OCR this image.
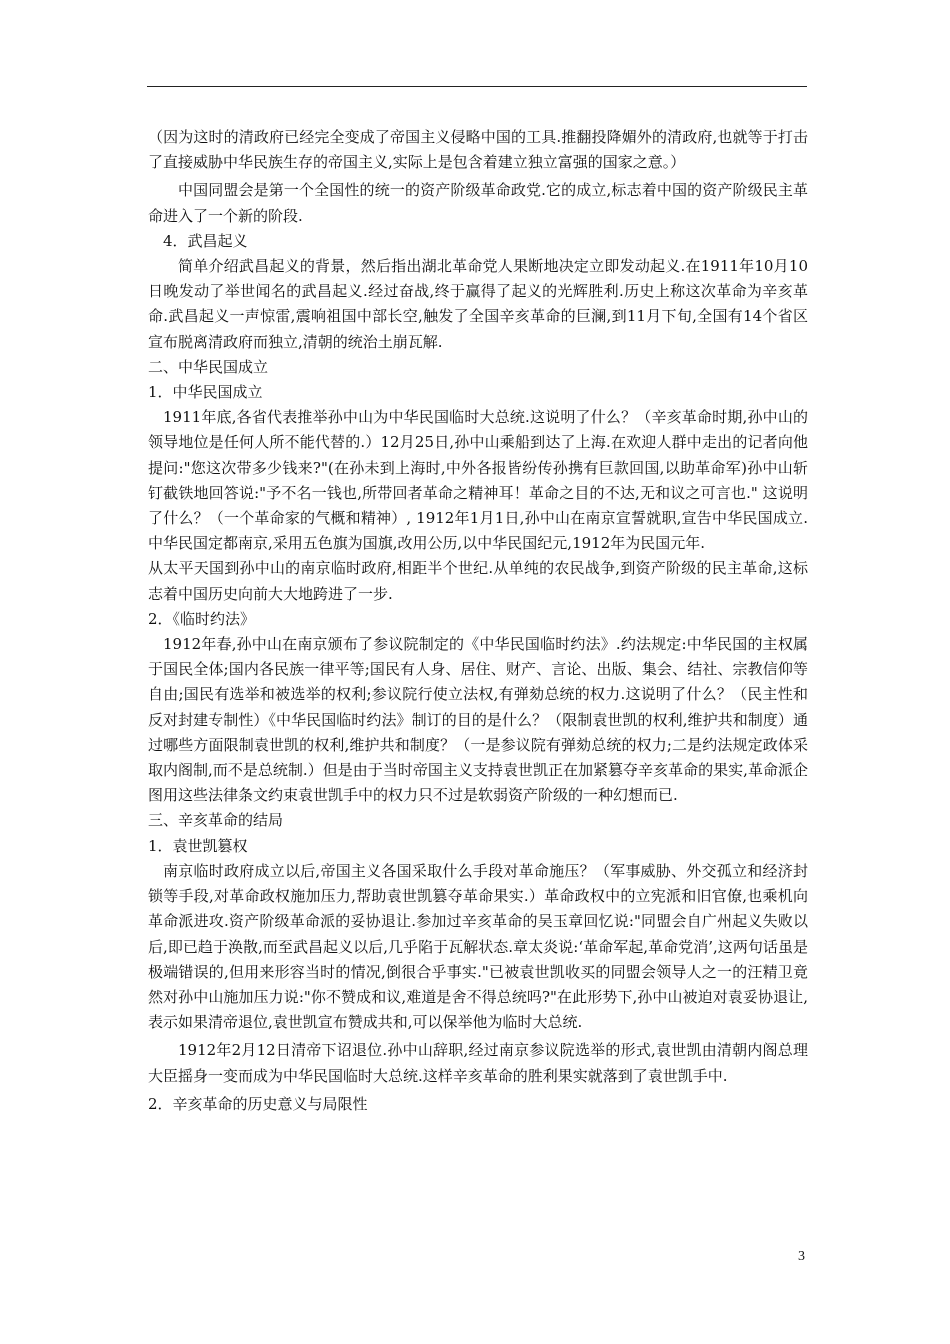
（因为这时的清政府已经完全变成了帝国主义侵略中国的工具.推翻投降媚外的清政府,也就等于打击了直接威胁中华民族生存的帝国主义,实际上是包含着建立独立富强的国家之意。）

中国同盟会是第一个全国性的统一的资产阶级革命政党.它的成立,标志着中国的资产阶级民主革命进入了一个新的阶段.

4．武昌起义

简单介绍武昌起义的背景，然后指出湖北革命党人果断地决定立即发动起义.在1911年10月10日晚发动了举世闻名的武昌起义.经过奋战,终于赢得了起义的光辉胜利.历史上称这次革命为辛亥革命.武昌起义一声惊雷,震响祖国中部长空,触发了全国辛亥革命的巨澜,到11月下旬,全国有14个省区宣布脱离清政府而独立,清朝的统治土崩瓦解.

二、中华民国成立

1．中华民国成立

1911年底,各省代表推举孙中山为中华民国临时大总统.这说明了什么？（辛亥革命时期,孙中山的领导地位是任何人所不能代替的.）12月25日,孙中山乘船到达了上海.在欢迎人群中走出的记者向他提问:"您这次带多少钱来?"(在孙未到上海时,中外各报皆纷传孙携有巨款回国,以助革命军)孙中山斩钉截铁地回答说:"予不名一钱也,所带回者革命之精神耳！革命之目的不达,无和议之可言也." 这说明了什么？（一个革命家的气概和精神）, 1912年1月1日,孙中山在南京宣誓就职,宣告中华民国成立.中华民国定都南京,采用五色旗为国旗,改用公历,以中华民国纪元,1912年为民国元年.

从太平天国到孙中山的南京临时政府,相距半个世纪.从单纯的农民战争,到资产阶级的民主革命,这标志着中国历史向前大大地跨进了一步.

2．《临时约法》

1912年春,孙中山在南京颁布了参议院制定的《中华民国临时约法》.约法规定:中华民国的主权属于国民全体;国内各民族一律平等;国民有人身、居住、财产、言论、出版、集会、结社、宗教信仰等自由;国民有选举和被选举的权利;参议院行使立法权,有弹劾总统的权力.这说明了什么？（民主性和反对封建专制性）《中华民国临时约法》制订的目的是什么？（限制袁世凯的权利,维护共和制度）通过哪些方面限制袁世凯的权利,维护共和制度？（一是参议院有弹劾总统的权力;二是约法规定政体采取内阁制,而不是总统制.）但是由于当时帝国主义支持袁世凯正在加紧篡夺辛亥革命的果实,革命派企图用这些法律条文约束袁世凯手中的权力只不过是软弱资产阶级的一种幻想而已.

三、辛亥革命的结局

1．袁世凯篡权

南京临时政府成立以后,帝国主义各国采取什么手段对革命施压？（军事威胁、外交孤立和经济封锁等手段,对革命政权施加压力,帮助袁世凯篡夺革命果实.）革命政权中的立宪派和旧官僚,也乘机向革命派进攻.资产阶级革命派的妥协退让.参加过辛亥革命的吴玉章回忆说:"同盟会自广州起义失败以后,即已趋于涣散,而至武昌起义以后,几乎陷于瓦解状态.章太炎说:‘革命军起,革命党消’,这两句话虽是极端错误的,但用来形容当时的情况,倒很合乎事实."已被袁世凯收买的同盟会领导人之一的汪精卫竟然对孙中山施加压力说:"你不赞成和议,难道是舍不得总统吗?"在此形势下,孙中山被迫对袁妥协退让,表示如果清帝退位,袁世凯宣布赞成共和,可以保举他为临时大总统.

1912年2月12日清帝下诏退位.孙中山辞职,经过南京参议院选举的形式,袁世凯由清朝内阁总理大臣摇身一变而成为中华民国临时大总统.这样辛亥革命的胜利果实就落到了袁世凯手中.

2．辛亥革命的历史意义与局限性

3
